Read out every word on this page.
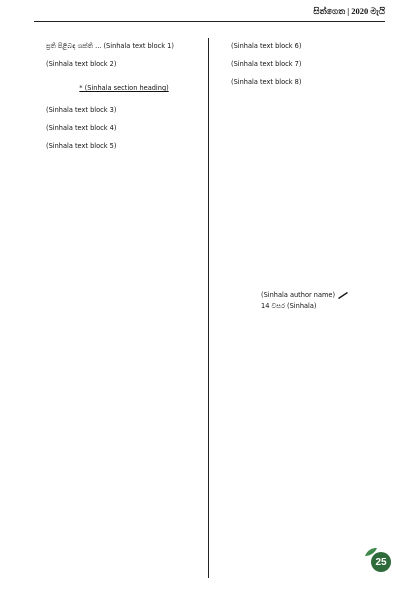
සිත්ගෙත | 2020 මැයි

ප්‍රති පිළිබඳ ශක්ති ... (Sinhala text block 1)

(Sinhala text block 2)

* (Sinhala section heading)

(Sinhala text block 3)

(Sinhala text block 4)

(Sinhala text block 5)

(Sinhala text block 6)

(Sinhala text block 7)

(Sinhala text block 8)

(Sinhala author name)
14 වසර (Sinhala)
25
